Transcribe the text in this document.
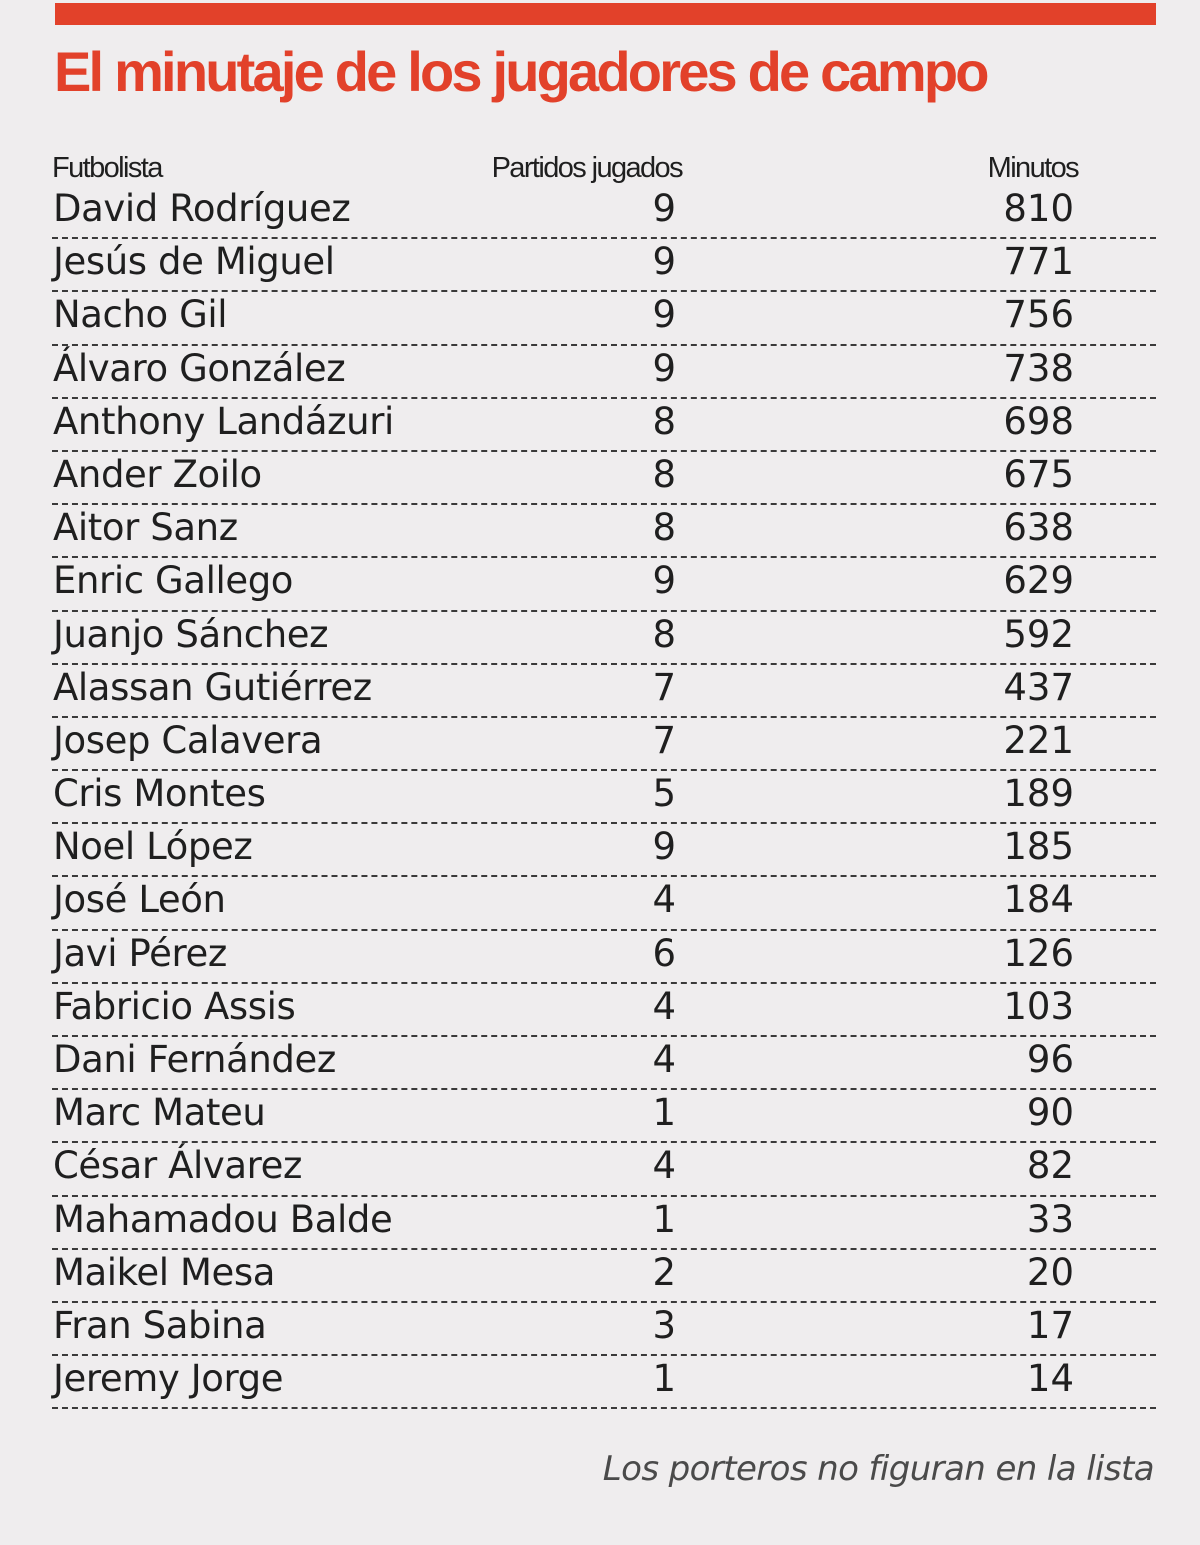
El minutaje de los jugadores de campo
Futbolista	Partidos jugados	Minutos
David Rodríguez	9	810
Jesús de Miguel	9	771
Nacho Gil	9	756
Álvaro González	9	738
Anthony Landázuri	8	698
Ander Zoilo	8	675
Aitor Sanz	8	638
Enric Gallego	9	629
Juanjo Sánchez	8	592
Alassan Gutiérrez	7	437
Josep Calavera	7	221
Cris Montes	5	189
Noel López	9	185
José León	4	184
Javi Pérez	6	126
Fabricio Assis	4	103
Dani Fernández	4	96
Marc Mateu	1	90
César Álvarez	4	82
Mahamadou Balde	1	33
Maikel Mesa	2	20
Fran Sabina	3	17
Jeremy Jorge	1	14
Los porteros no figuran en la lista
